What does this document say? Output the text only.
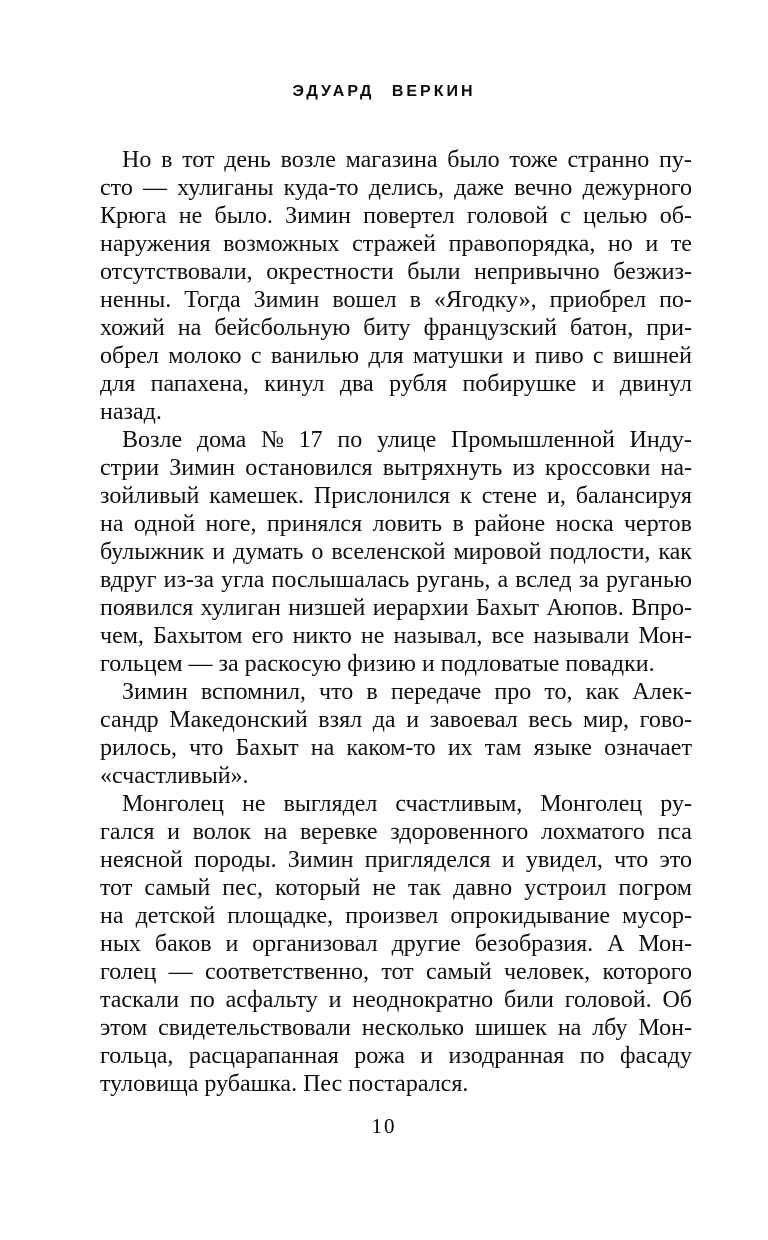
ЭДУАРД ВЕРКИН
Но в тот день возле магазина было тоже странно пу-
сто — хулиганы куда-то делись, даже вечно дежурного
Крюга не было. Зимин повертел головой с целью об-
наружения возможных стражей правопорядка, но и те
отсутствовали, окрестности были непривычно безжиз-
ненны. Тогда Зимин вошел в «Ягодку», приобрел по-
хожий на бейсбольную биту французский батон, при-
обрел молоко с ванилью для матушки и пиво с вишней
для папахена, кинул два рубля побирушке и двинул
назад.
Возле дома № 17 по улице Промышленной Инду-
стрии Зимин остановился вытряхнуть из кроссовки на-
зойливый камешек. Прислонился к стене и, балансируя
на одной ноге, принялся ловить в районе носка чертов
булыжник и думать о вселенской мировой подлости, как
вдруг из-за угла послышалась ругань, а вслед за руганью
появился хулиган низшей иерархии Бахыт Аюпов. Впро-
чем, Бахытом его никто не называл, все называли Мон-
гольцем — за раскосую физию и подловатые повадки.
Зимин вспомнил, что в передаче про то, как Алек-
сандр Македонский взял да и завоевал весь мир, гово-
рилось, что Бахыт на каком-то их там языке означает
«счастливый».
Монголец не выглядел счастливым, Монголец ру-
гался и волок на веревке здоровенного лохматого пса
неясной породы. Зимин пригляделся и увидел, что это
тот самый пес, который не так давно устроил погром
на детской площадке, произвел опрокидывание мусор-
ных баков и организовал другие безобразия. А Мон-
голец — соответственно, тот самый человек, которого
таскали по асфальту и неоднократно били головой. Об
этом свидетельствовали несколько шишек на лбу Мон-
гольца, расцарапанная рожа и изодранная по фасаду
туловища рубашка. Пес постарался.
10
